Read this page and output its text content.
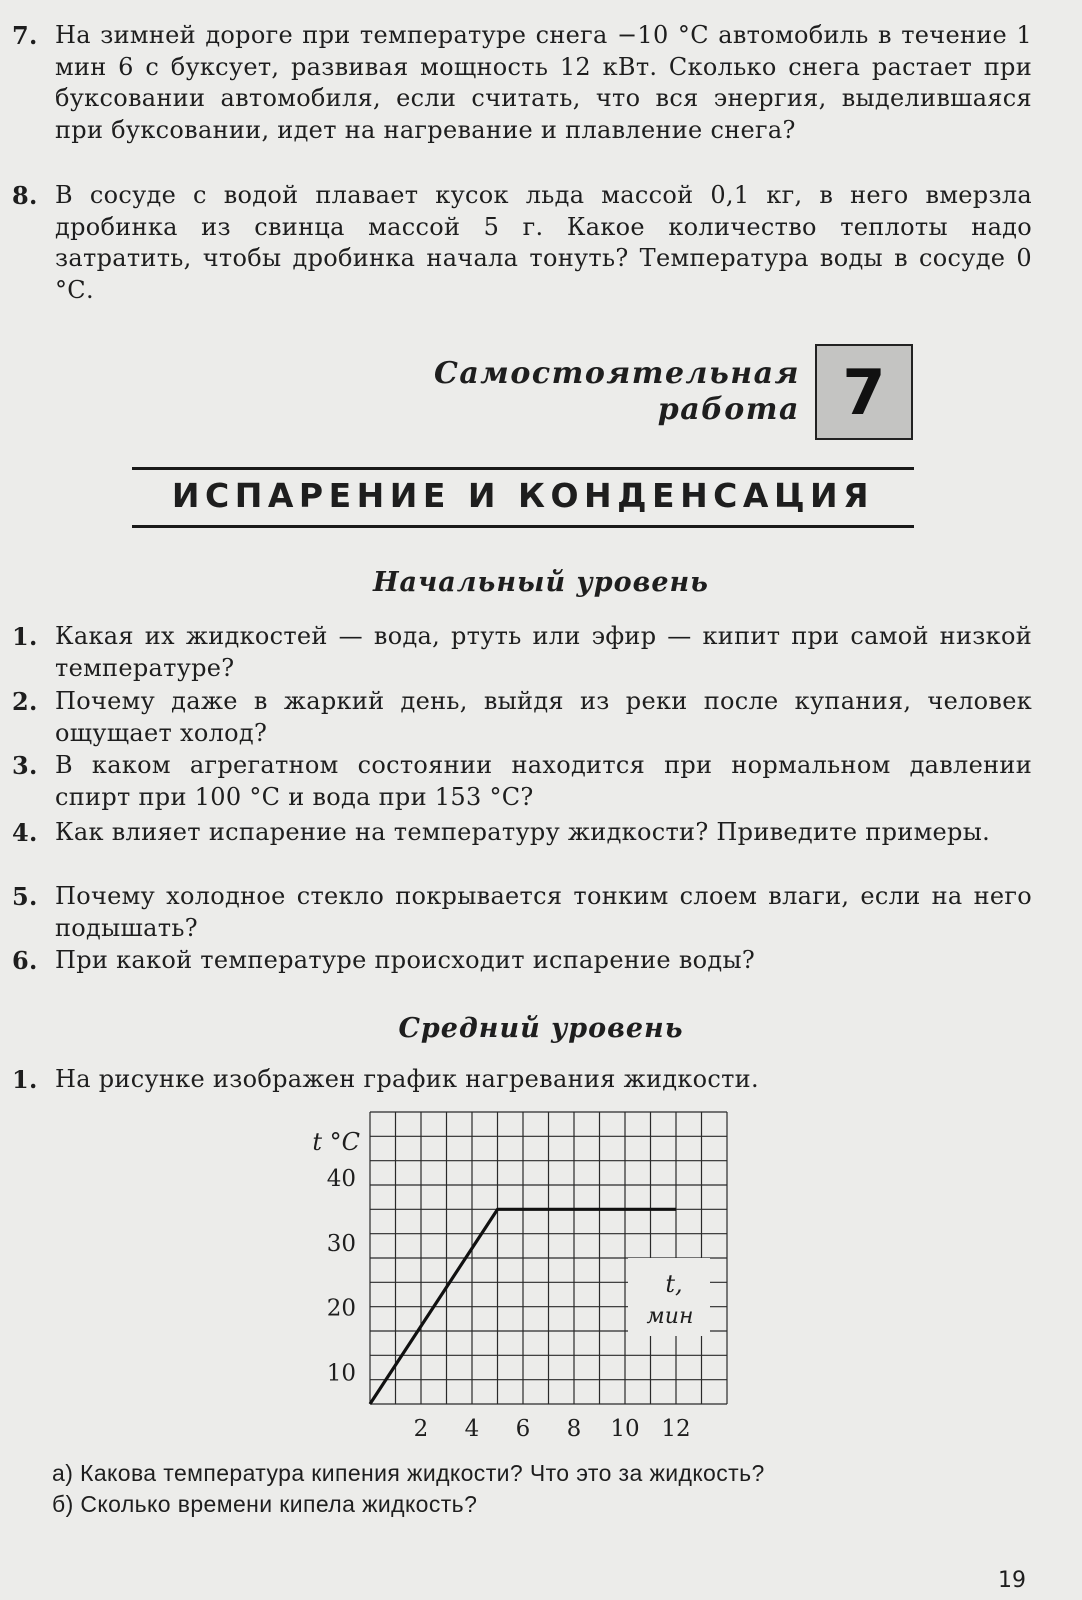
7. На зимней дороге при температуре снега −10 °С автомобиль в течение 1 мин 6 с буксует, развивая мощность 12 кВт. Сколько снега растает при буксовании автомобиля, если считать, что вся энергия, выделившаяся при буксовании, идет на нагревание и плавление снега?
8. В сосуде с водой плавает кусок льда массой 0,1 кг, в него вмерзла дробинка из свинца массой 5 г. Какое количество теплоты надо затратить, чтобы дробинка начала тонуть? Температура воды в сосуде 0 °С.
Самостоятельная
работа 7
ИСПАРЕНИЕ И КОНДЕНСАЦИЯ
Начальный уровень
1. Какая их жидкостей — вода, ртуть или эфир — кипит при самой низкой температуре?
2. Почему даже в жаркий день, выйдя из реки после купания, человек ощущает холод?
3. В каком агрегатном состоянии находится при нормальном давлении спирт при 100 °С и вода при 153 °С?
4. Как влияет испарение на температуру жидкости? Приведите примеры.
5. Почему холодное стекло покрывается тонким слоем влаги, если на него подышать?
6. При какой температуре происходит испарение воды?
Средний уровень
1. На рисунке изображен график нагревания жидкости.
t,
мин
t °C
2 4 6 8 10 12
10
20
30
40
а) Какова температура кипения жидкости? Что это за жидкость?
б) Сколько времени кипела жидкость?
19
